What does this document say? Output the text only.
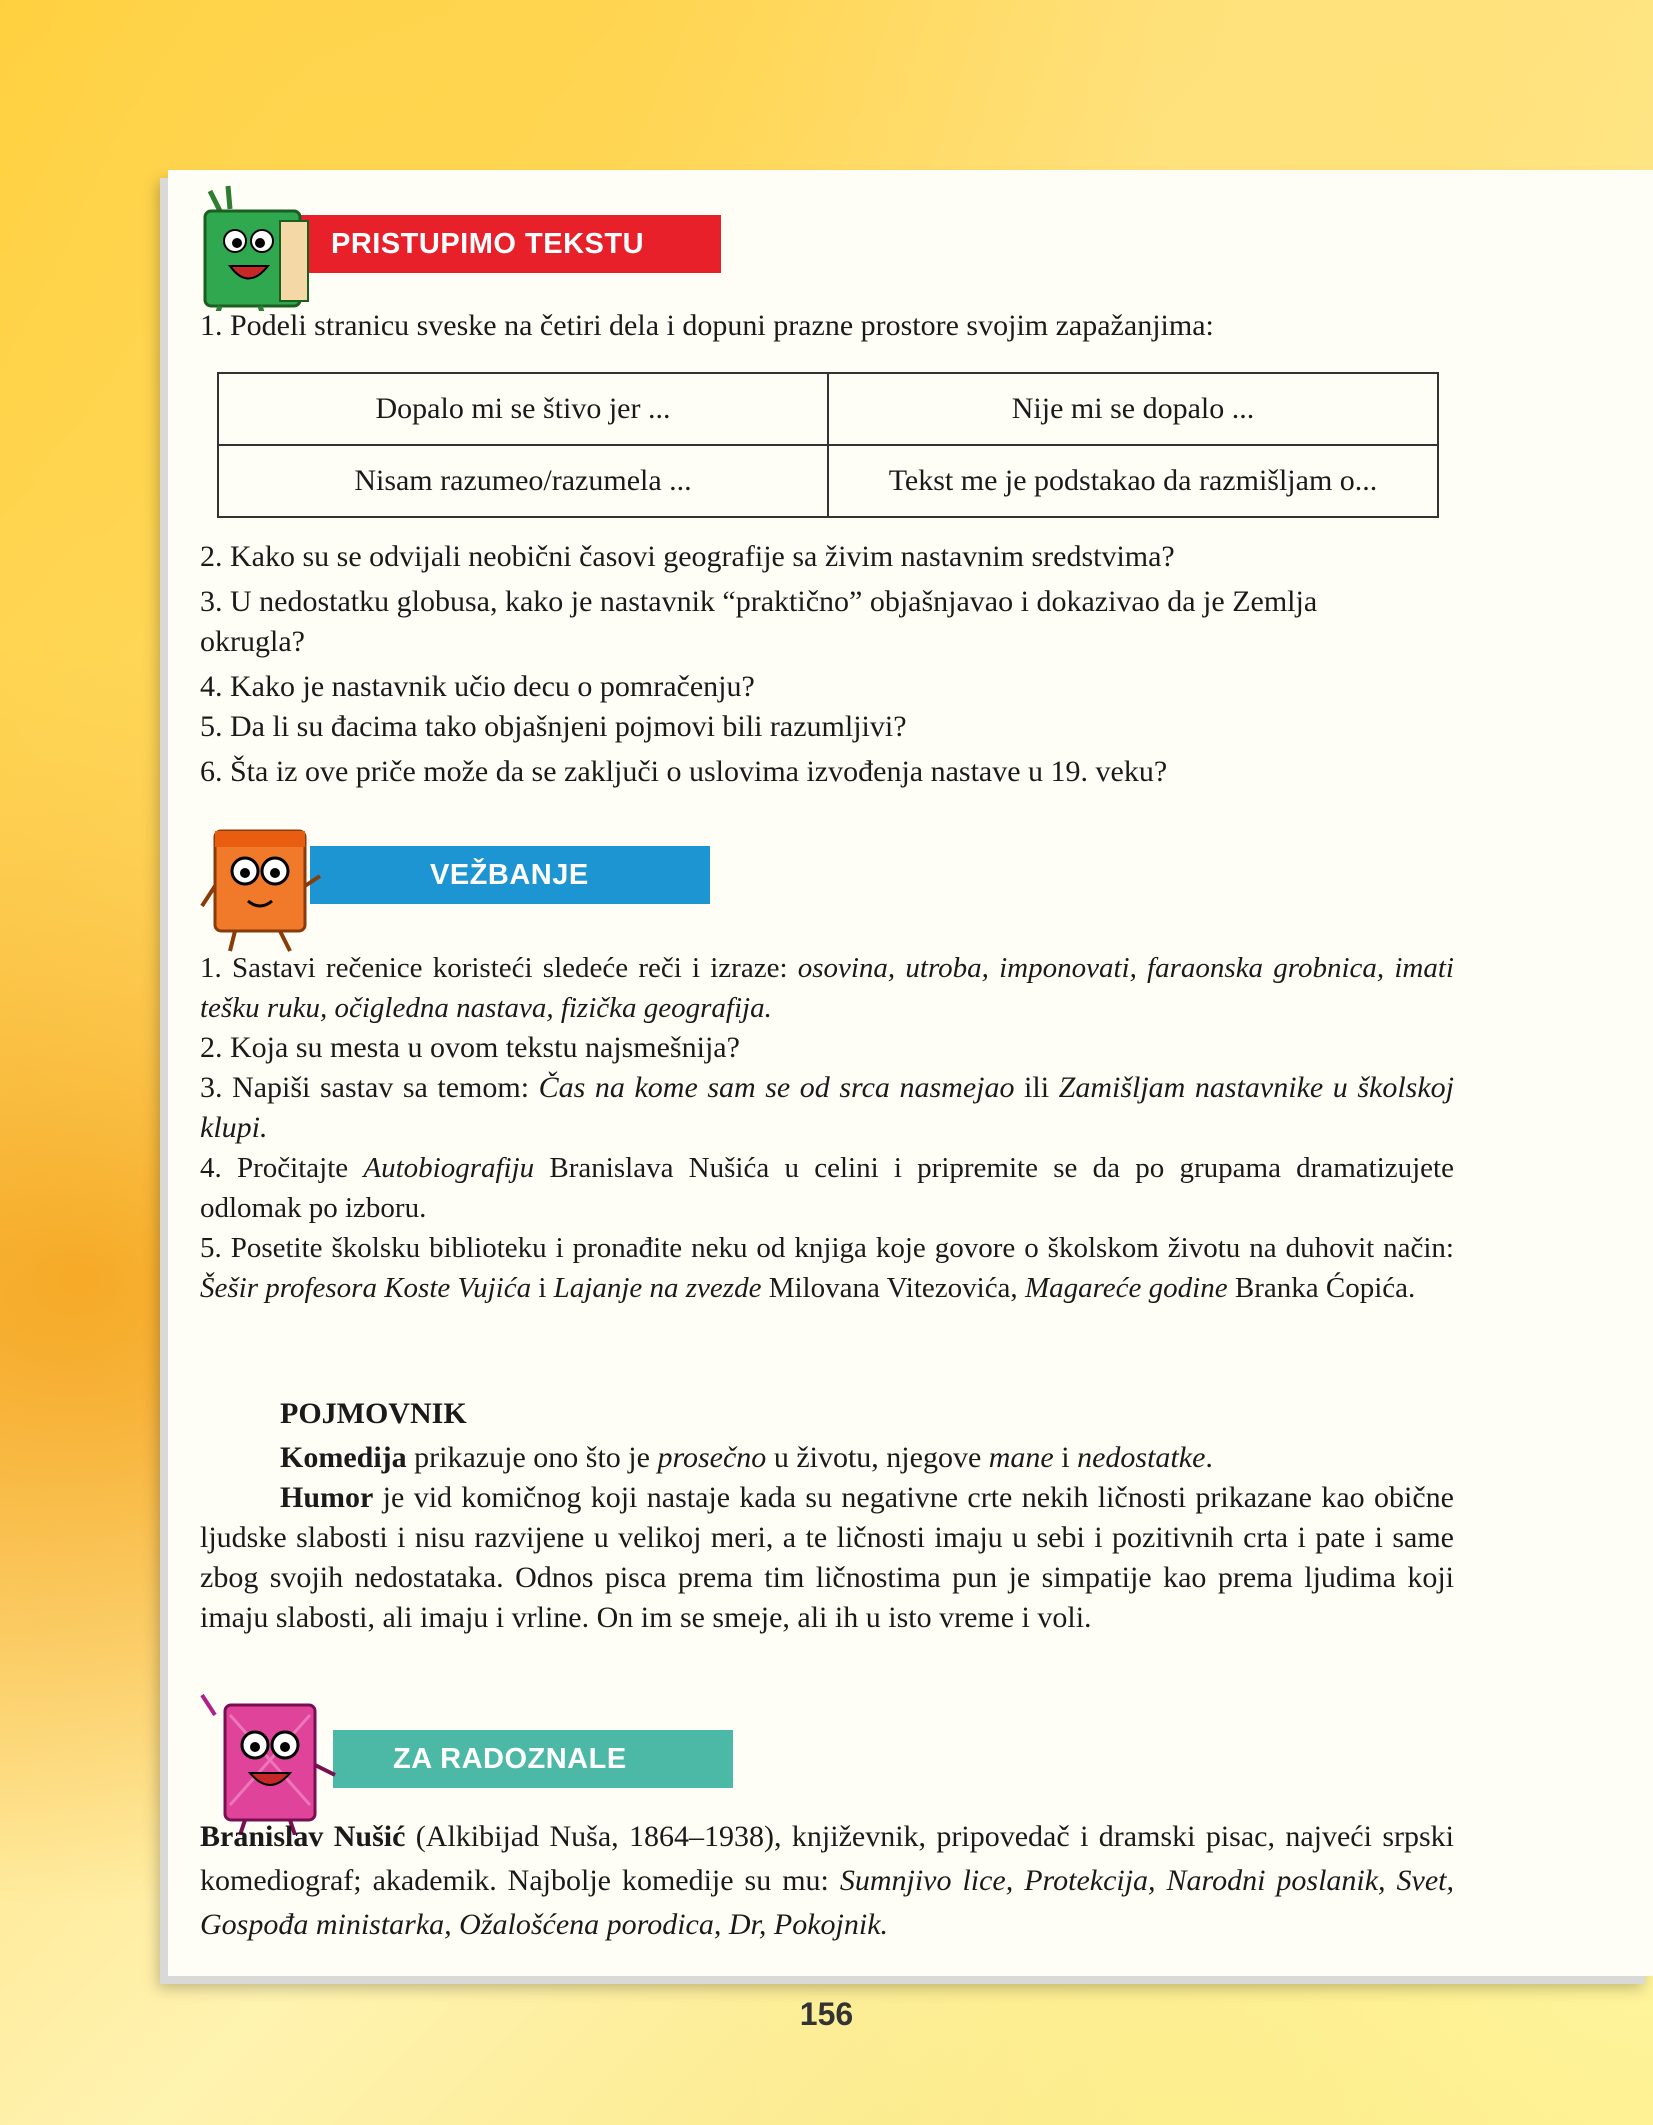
PRISTUPIMO TEKSTU
1. Podeli stranicu sveske na četiri dela i dopuni prazne prostore svojim zapažanjima:
Dopalo mi se štivo jer ...	Nije mi se dopalo ...
Nisam razumeo/razumela ...	Tekst me je podstakao da razmišljam o...
2. Kako su se odvijali neobični časovi geografije sa živim nastavnim sredstvima?
3. U nedostatku globusa, kako je nastavnik “praktično” objašnjavao i dokazivao da je Zemlja
okrugla?
4. Kako je nastavnik učio decu o pomračenju?
5. Da li su đacima tako objašnjeni pojmovi bili razumljivi?
6. Šta iz ove priče može da se zaključi o uslovima izvođenja nastave u 19. veku?
VEŽBANJE
1. Sastavi rečenice koristeći sledeće reči i izraze: osovina, utroba, imponovati, faraonska grobnica, imati tešku ruku, očigledna nastava, fizička geografija.
2. Koja su mesta u ovom tekstu najsmešnija?
3. Napiši sastav sa temom: Čas na kome sam se od srca nasmejao ili Zamišljam nastavnike u školskoj klupi.
4. Pročitajte Autobiografiju Branislava Nušića u celini i pripremite se da po grupama dramatizujete odlomak po izboru.
5. Posetite školsku biblioteku i pronađite neku od knjiga koje govore o školskom životu na duhovit način: Šešir profesora Koste Vujića i Lajanje na zvezde Milovana Vitezovića, Magareće godine Branka Ćopića.
POJMOVNIK
Komedija prikazuje ono što je prosečno u životu, njegove mane i nedostatke.
Humor je vid komičnog koji nastaje kada su negativne crte nekih ličnosti prikazane kao obične ljudske slabosti i nisu razvijene u velikoj meri, a te ličnosti imaju u sebi i pozitivnih crta i pate i same zbog svojih nedostataka. Odnos pisca prema tim ličnostima pun je simpatije kao prema ljudima koji imaju slabosti, ali imaju i vrline. On im se smeje, ali ih u isto vreme i voli.
ZA RADOZNALE
Branislav Nušić (Alkibijad Nuša, 1864–1938), književnik, pripovedač i dramski pisac, najveći srpski komediograf; akademik. Najbolje komedije su mu: Sumnjivo lice, Protekcija, Narodni poslanik, Svet, Gospođa ministarka, Ožalošćena porodica, Dr, Pokojnik.
156
